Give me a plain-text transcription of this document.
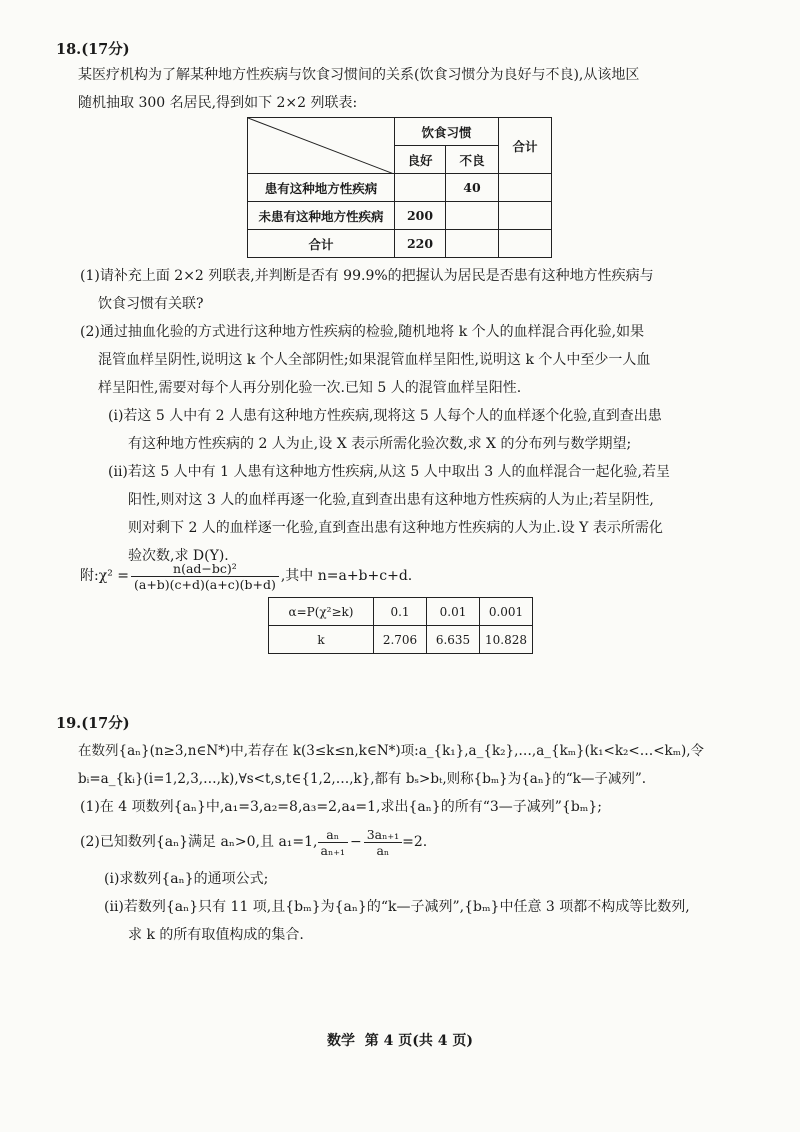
18.(17分)
某医疗机构为了解某种地方性疾病与饮食习惯间的关系(饮食习惯分为良好与不良),从该地区
随机抽取 300 名居民,得到如下 2×2 列联表:
	饮食习惯		合计
	良好	不良	
患有这种地方性疾病		40	
未患有这种地方性疾病	200		
合计	220		
(1)请补充上面 2×2 列联表,并判断是否有 99.9%的把握认为居民是否患有这种地方性疾病与
饮食习惯有关联?
(2)通过抽血化验的方式进行这种地方性疾病的检验,随机地将 k 个人的血样混合再化验,如果
混管血样呈阴性,说明这 k 个人全部阴性;如果混管血样呈阳性,说明这 k 个人中至少一人血
样呈阳性,需要对每个人再分别化验一次.已知 5 人的混管血样呈阳性.
(i)若这 5 人中有 2 人患有这种地方性疾病,现将这 5 人每个人的血样逐个化验,直到查出患
有这种地方性疾病的 2 人为止,设 X 表示所需化验次数,求 X 的分布列与数学期望;
(ii)若这 5 人中有 1 人患有这种地方性疾病,从这 5 人中取出 3 人的血样混合一起化验,若呈
阳性,则对这 3 人的血样再逐一化验,直到查出患有这种地方性疾病的人为止;若呈阴性,
则对剩下 2 人的血样逐一化验,直到查出患有这种地方性疾病的人为止.设 Y 表示所需化
验次数,求 D(Y).
附:χ² = $\frac{\text{n(ad−bc)²}}{(a+b)(c+d)(a+c)(b+d)}$ ,其中 n=a+b+c+d.
α=P(χ²≥k)	0.1	0.01	0.001
k	2.706	6.635	10.828
19.(17分)
在数列{aₙ}(n≥3,n∈N*)中,若存在 k(3≤k≤n,k∈N*)项:a_{k₁},a_{k₂},…,a_{kₘ}(k₁<k₂<…<kₘ),令
bᵢ=a_{kᵢ}(i=1,2,3,…,k),∀s<t,s,t∈{1,2,…,k},都有 bₛ>bₜ,则称{bₘ}为{aₙ}的“k—子减列”.
(1)在 4 项数列{aₙ}中,a₁=3,a₂=8,a₃=2,a₄=1,求出{aₙ}的所有“3—子减列”{bₘ};
(2)已知数列{aₙ}满足 aₙ>0,且 a₁=1, $\frac{\text{aₙ}}{\text{aₙ₊₁}} - \frac{\text{3aₙ₊₁}}{\text{aₙ}} =2$.
(i)求数列{aₙ}的通项公式;
(ii)若数列{aₙ}只有 11 项,且{bₘ}为{aₙ}的“k—子减列”,{bₘ}中任意 3 项都不构成等比数列,
求 k 的所有取值构成的集合.
数学  第 4 页(共 4 页)
